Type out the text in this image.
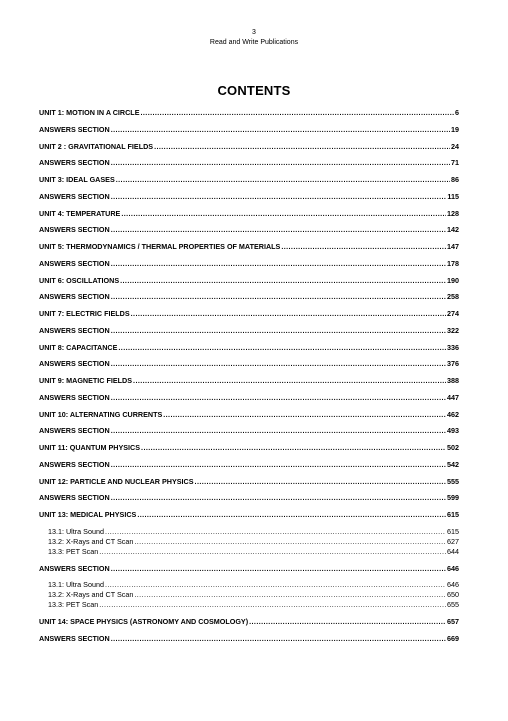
3
Read and Write Publications
CONTENTS
UNIT 1: MOTION IN A CIRCLE .....	6
ANSWERS SECTION .....	19
UNIT 2 : GRAVITATIONAL FIELDS .....	24
ANSWERS SECTION .....	71
UNIT 3: IDEAL GASES .....	86
ANSWERS SECTION .....	115
UNIT 4: TEMPERATURE .....	128
ANSWERS SECTION .....	142
UNIT 5: THERMODYNAMICS / THERMAL PROPERTIES OF MATERIALS .....	147
ANSWERS SECTION .....	178
UNIT 6: OSCILLATIONS .....	190
ANSWERS SECTION .....	258
UNIT 7: ELECTRIC FIELDS .....	274
ANSWERS SECTION .....	322
UNIT 8: CAPACITANCE .....	336
ANSWERS SECTION .....	376
UNIT 9: MAGNETIC FIELDS .....	388
ANSWERS SECTION .....	447
UNIT 10: ALTERNATING CURRENTS .....	462
ANSWERS SECTION .....	493
UNIT 11: QUANTUM PHYSICS .....	502
ANSWERS SECTION .....	542
UNIT 12: PARTICLE AND NUCLEAR PHYSICS .....	555
ANSWERS SECTION .....	599
UNIT 13: MEDICAL PHYSICS .....	615
13.1: Ultra Sound .....	615
13.2: X-Rays and CT Scan .....	627
13.3: PET Scan .....	644
ANSWERS SECTION .....	646
13.1: Ultra Sound .....	646
13.2: X-Rays and CT Scan .....	650
13.3: PET Scan .....	655
UNIT 14: SPACE PHYSICS (ASTRONOMY AND COSMOLOGY) .....	657
ANSWERS SECTION .....	669
